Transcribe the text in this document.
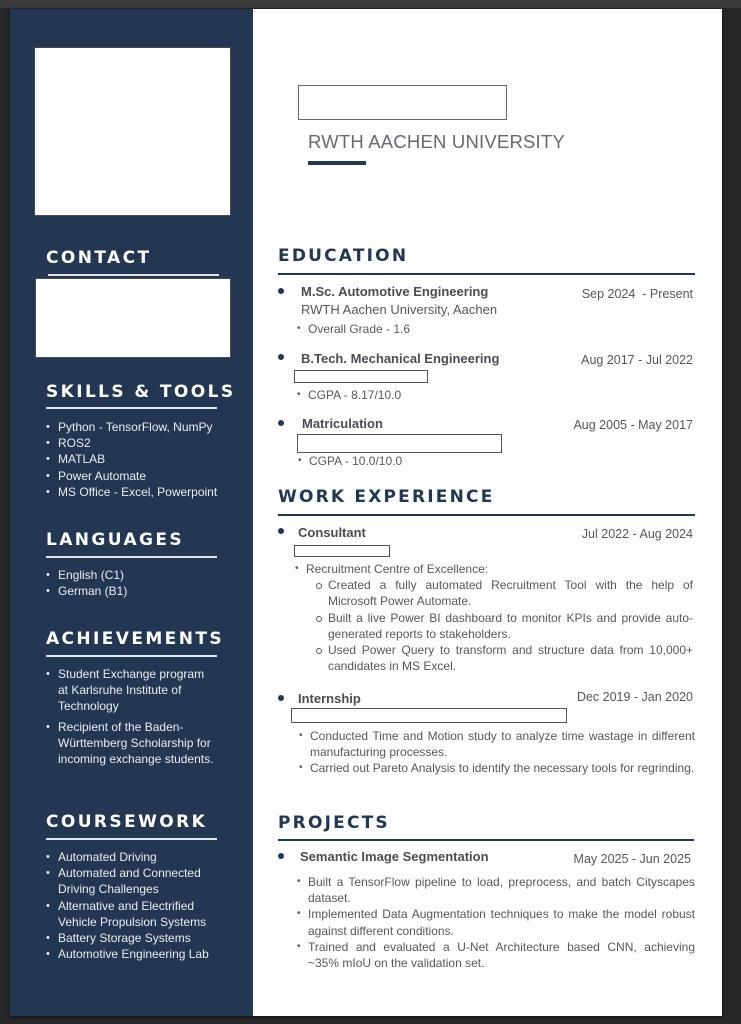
CONTACT
SKILLS & TOOLS
• Python - TensorFlow, NumPy
• ROS2
• MATLAB
• Power Automate
• MS Office - Excel, Powerpoint
LANGUAGES
• English (C1)
• German (B1)
ACHIEVEMENTS
• Student Exchange program at Karlsruhe Institute of Technology
• Recipient of the Baden-Württemberg Scholarship for incoming exchange students.
COURSEWORK
• Automated Driving
• Automated and Connected Driving Challenges
• Alternative and Electrified Vehicle Propulsion Systems
• Battery Storage Systems
• Automotive Engineering Lab
RWTH AACHEN UNIVERSITY
EDUCATION
M.Sc. Automotive Engineering	Sep 2024  - Present
RWTH Aachen University, Aachen
• Overall Grade - 1.6
B.Tech. Mechanical Engineering	Aug 2017 - Jul 2022
• CGPA - 8.17/10.0
Matriculation	Aug 2005 - May 2017
• CGPA - 10.0/10.0
WORK EXPERIENCE
Consultant	Jul 2022 - Aug 2024
• Recruitment Centre of Excellence:
Created a fully automated Recruitment Tool with the help of Microsoft Power Automate.
Built a live Power BI dashboard to monitor KPIs and provide auto-generated reports to stakeholders.
Used Power Query to transform and structure data from 10,000+ candidates in MS Excel.
Internship	Dec 2019 - Jan 2020
• Conducted Time and Motion study to analyze time wastage in different manufacturing processes.
• Carried out Pareto Analysis to identify the necessary tools for regrinding.
PROJECTS
Semantic Image Segmentation	May 2025 - Jun 2025
• Built a TensorFlow pipeline to load, preprocess, and batch Cityscapes dataset.
• Implemented Data Augmentation techniques to make the model robust against different conditions.
• Trained and evaluated a U-Net Architecture based CNN, achieving ~35% mIoU on the validation set.
